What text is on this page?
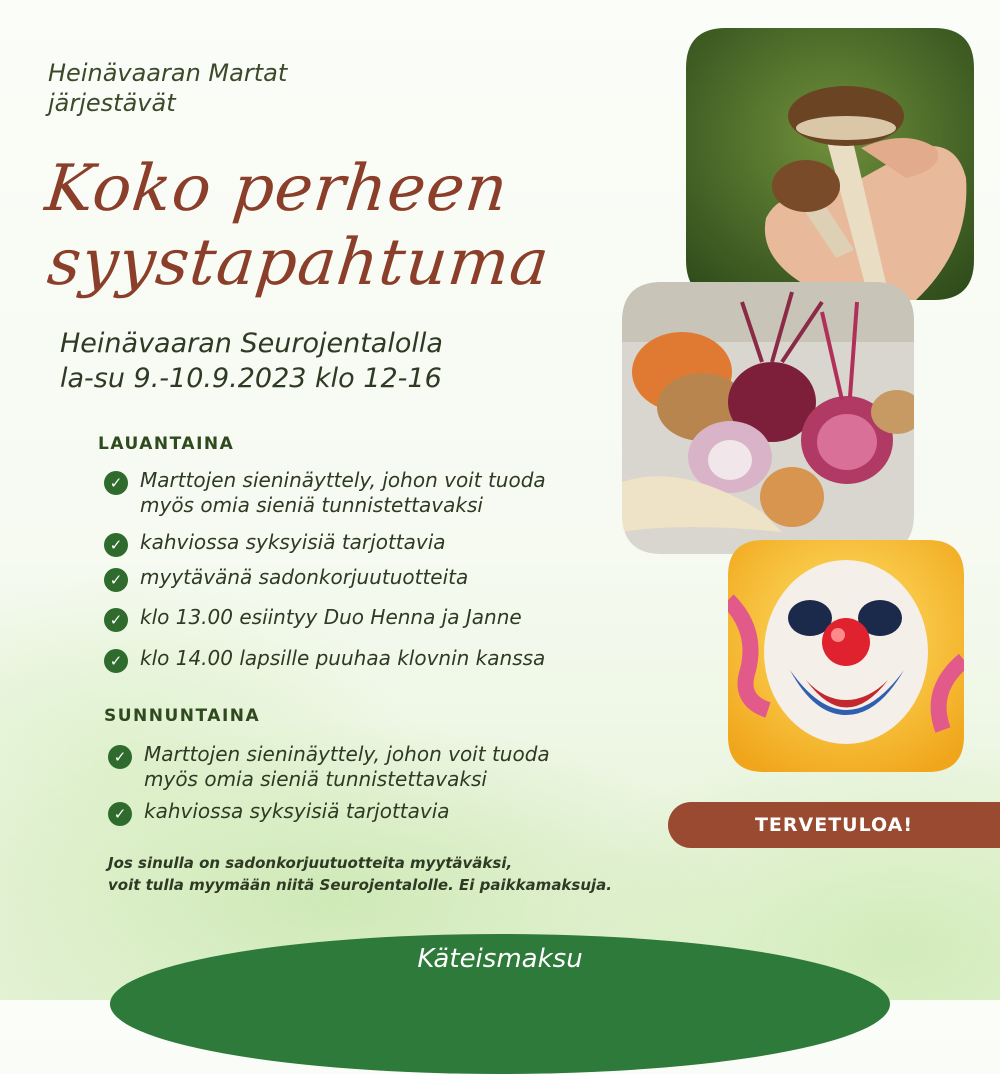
Heinävaaran Martat
järjestävät
Koko perheen
syystapahtuma
Heinävaaran Seurojentalolla
la-su 9.-10.9.2023 klo 12-16
LAUANTAINA
✓ Marttojen sieninäyttely, johon voit tuoda
myös omia sieniä tunnistettavaksi
✓ kahviossa syksyisiä tarjottavia
✓ myytävänä sadonkorjuutuotteita
✓ klo 13.00 esiintyy Duo Henna ja Janne
✓ klo 14.00 lapsille puuhaa klovnin kanssa
SUNNUNTAINA
✓ Marttojen sieninäyttely, johon voit tuoda
myös omia sieniä tunnistettavaksi
✓ kahviossa syksyisiä tarjottavia
Jos sinulla on sadonkorjuutuotteita myytäväksi,
voit tulla myymään niitä Seurojentalolle. Ei paikkamaksuja.
TERVETULOA!
Käteismaksu
